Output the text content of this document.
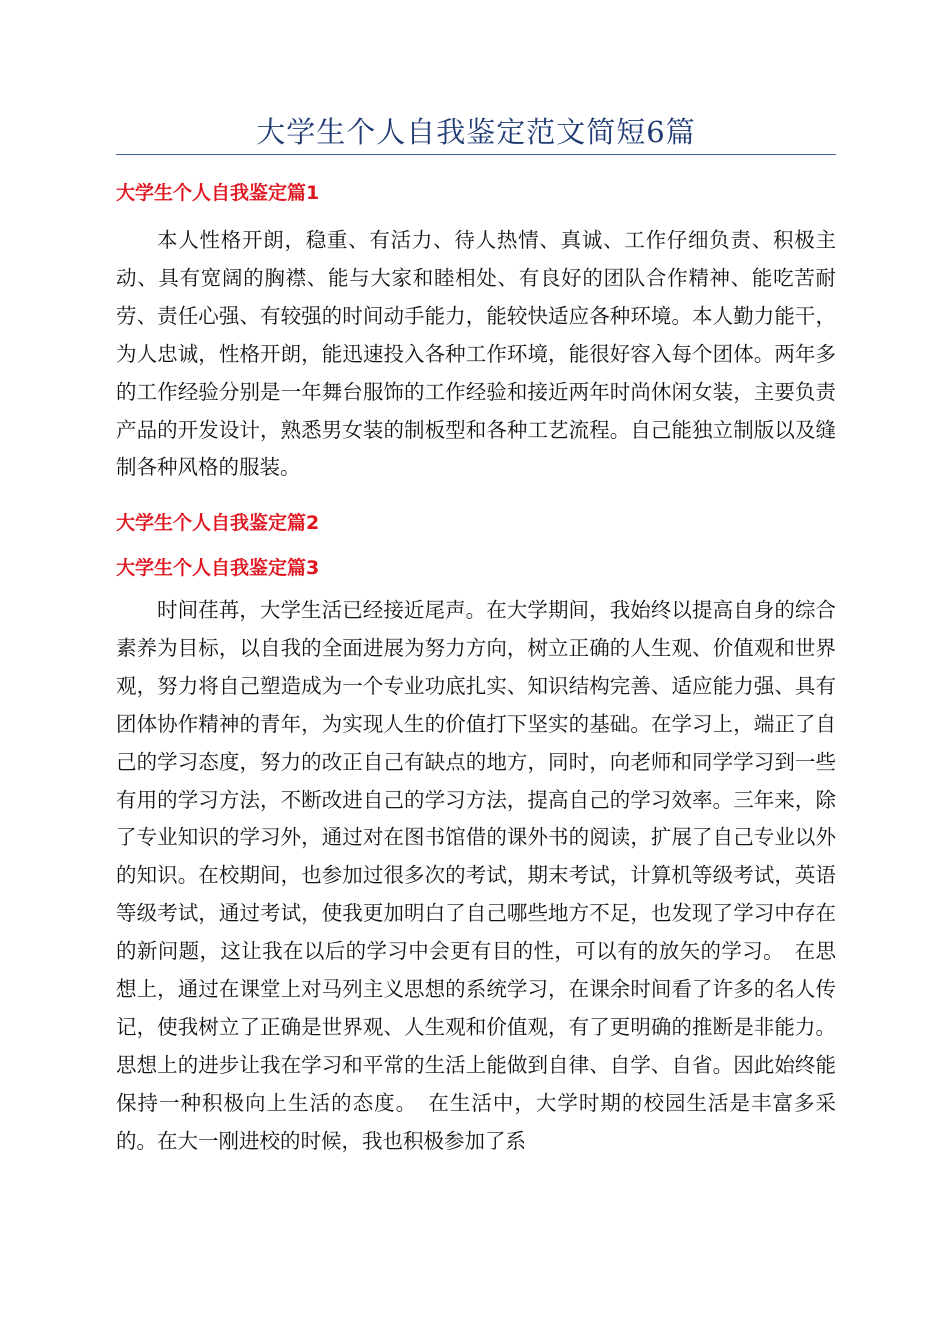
大学生个人自我鉴定范文简短6篇
大学生个人自我鉴定篇1

本人性格开朗，稳重、有活力、待人热情、真诚、工作仔细负责、积极主动、具有宽阔的胸襟、能与大家和睦相处、有良好的团队合作精神、能吃苦耐劳、责任心强、有较强的时间动手能力，能较快适应各种环境。本人勤力能干，为人忠诚，性格开朗，能迅速投入各种工作环境，能很好容入每个团体。两年多的工作经验分别是一年舞台服饰的工作经验和接近两年时尚休闲女装，主要负责产品的开发设计，熟悉男女装的制板型和各种工艺流程。自己能独立制版以及缝制各种风格的服装。

大学生个人自我鉴定篇2
大学生个人自我鉴定篇3

时间荏苒，大学生活已经接近尾声。在大学期间，我始终以提高自身的综合素养为目标，以自我的全面进展为努力方向，树立正确的人生观、价值观和世界观，努力将自己塑造成为一个专业功底扎实、知识结构完善、适应能力强、具有团体协作精神的青年，为实现人生的价值打下坚实的基础。在学习上，端正了自己的学习态度，努力的改正自己有缺点的地方，同时，向老师和同学学习到一些有用的学习方法，不断改进自己的学习方法，提高自己的学习效率。三年来，除了专业知识的学习外，通过对在图书馆借的课外书的阅读，扩展了自己专业以外的知识。在校期间，也参加过很多次的考试，期末考试，计算机等级考试，英语等级考试，通过考试，使我更加明白了自己哪些地方不足，也发现了学习中存在的新问题，这让我在以后的学习中会更有目的性，可以有的放矢的学习。　在思想上，通过在课堂上对马列主义思想的系统学习，在课余时间看了许多的名人传记，使我树立了正确是世界观、人生观和价值观，有了更明确的推断是非能力。思想上的进步让我在学习和平常的生活上能做到自律、自学、自省。因此始终能保持一种积极向上生活的态度。　在生活中，大学时期的校园生活是丰富多采的。在大一刚进校的时候，我也积极参加了系
